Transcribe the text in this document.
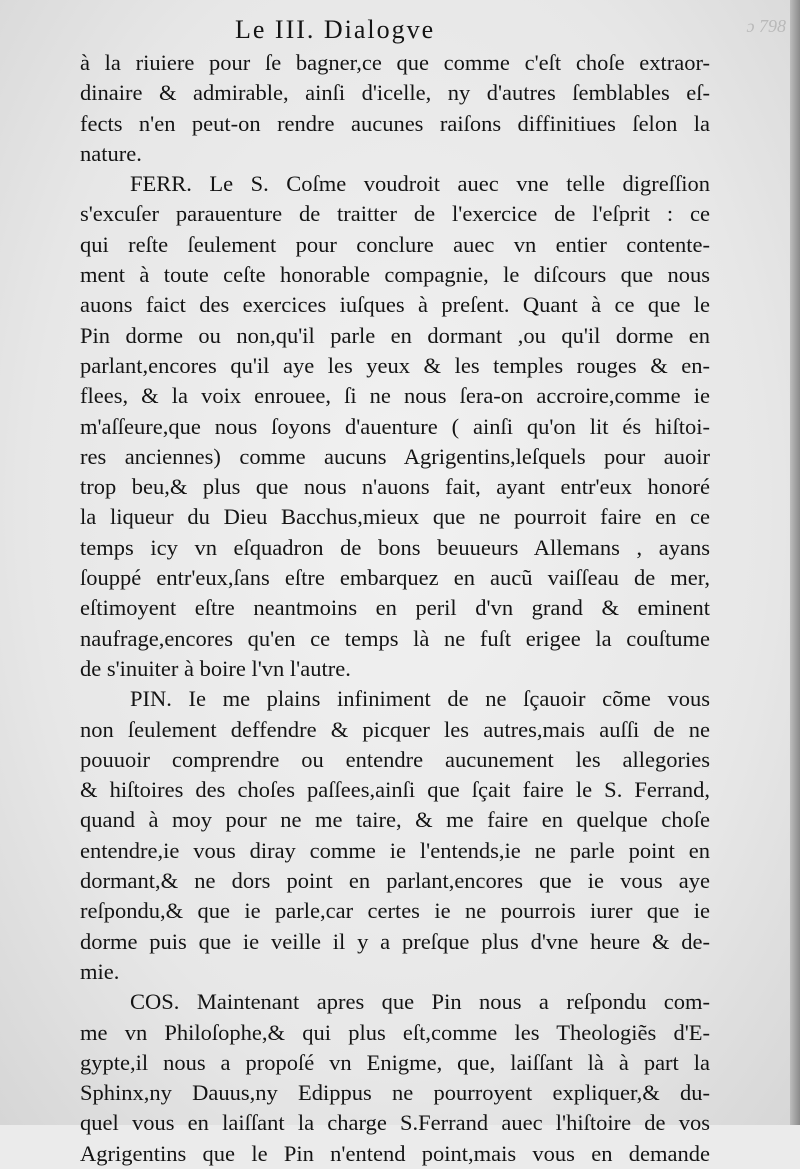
ɔ 798
Le III. Dialogve
à la riuiere pour ſe bagner,ce que comme c'eſt choſe extraor-
dinaire & admirable, ainſi d'icelle, ny d'autres ſemblables eſ-
fects n'en peut-on rendre aucunes raiſons diffinitiues ſelon la
nature.
FERR. Le S. Coſme voudroit auec vne telle digreſſion
s'excuſer parauenture de traitter de l'exercice de l'eſprit : ce
qui reſte ſeulement pour conclure auec vn entier contente-
ment à toute ceſte honorable compagnie, le diſcours que nous
auons faict des exercices iuſques à preſent. Quant à ce que le
Pin dorme ou non,qu'il parle en dormant ,ou qu'il dorme en
parlant,encores qu'il aye les yeux & les temples rouges & en-
flees, & la voix enrouee, ſi ne nous ſera-on accroire,comme ie
m'aſſeure,que nous ſoyons d'auenture ( ainſi qu'on lit és hiſtoi-
res anciennes) comme aucuns Agrigentins,leſquels pour auoir
trop beu,& plus que nous n'auons fait, ayant entr'eux honoré
la liqueur du Dieu Bacchus,mieux que ne pourroit faire en ce
temps icy vn eſquadron de bons beuueurs Allemans , ayans
ſouppé entr'eux,ſans eſtre embarquez en aucũ vaiſſeau de mer,
eſtimoyent eſtre neantmoins en peril d'vn grand & eminent
naufrage,encores qu'en ce temps là ne fuſt erigee la couſtume
de s'inuiter à boire l'vn l'autre.
PIN. Ie me plains infiniment de ne ſçauoir cõme vous
non ſeulement deffendre & picquer les autres,mais auſſi de ne
pouuoir comprendre ou entendre aucunement les allegories
& hiſtoires des choſes paſſees,ainſi que ſçait faire le S. Ferrand,
quand à moy pour ne me taire, & me faire en quelque choſe
entendre,ie vous diray comme ie l'entends,ie ne parle point en
dormant,& ne dors point en parlant,encores que ie vous aye
reſpondu,& que ie parle,car certes ie ne pourrois iurer que ie
dorme puis que ie veille il y a preſque plus d'vne heure & de-
mie.
COS. Maintenant apres que Pin nous a reſpondu com-
me vn Philoſophe,& qui plus eſt,comme les Theologiẽs d'E-
gypte,il nous a propoſé vn Enigme, que, laiſſant là à part la
Sphinx,ny Dauus,ny Edippus ne pourroyent expliquer,& du-
quel vous en laiſſant la charge S.Ferrand auec l'hiſtoire de vos
Agrigentins que le Pin n'entend point,mais vous en demande
